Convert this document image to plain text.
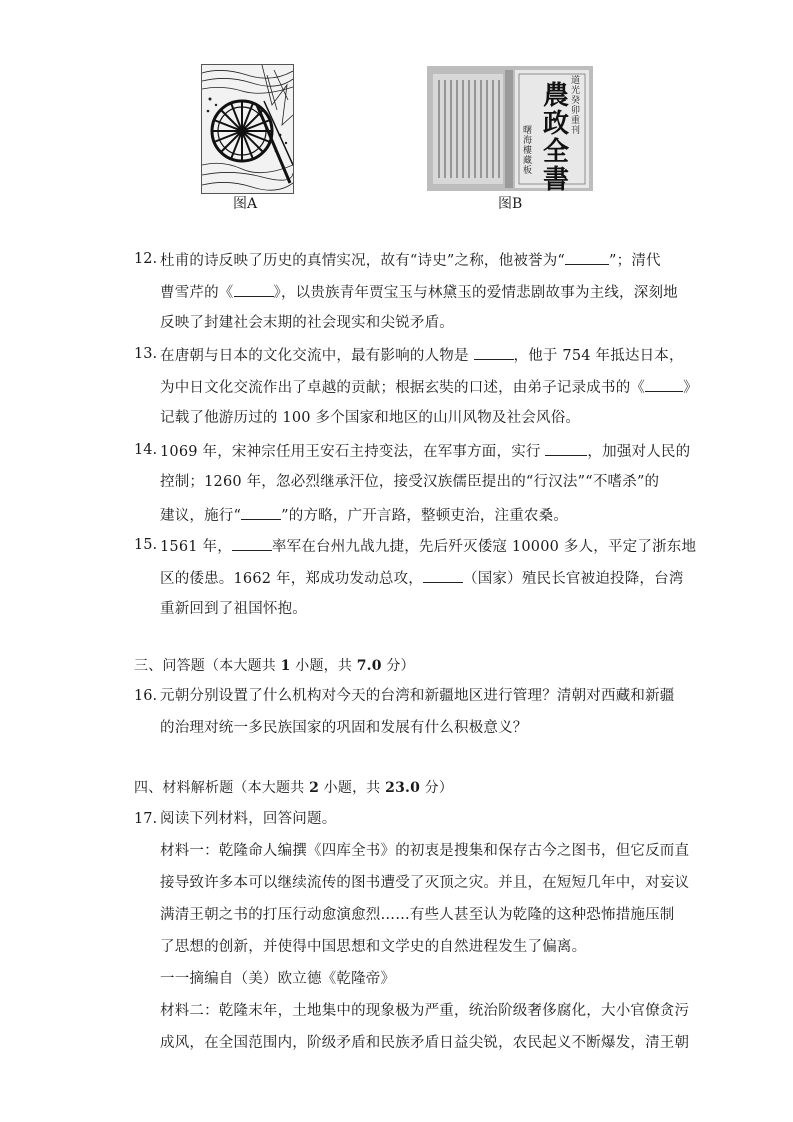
图A
農政全書
道光癸卯重刊
曙海樓藏板
图B
12. 杜甫的诗反映了历史的真情实况，故有“诗史”之称，他被誉为“	”；清代
曹雪芹的《	》，以贵族青年贾宝玉与林黛玉的爱情悲剧故事为主线，深刻地
反映了封建社会末期的社会现实和尖锐矛盾。
13. 在唐朝与日本的文化交流中，最有影响的人物是	，他于 754 年抵达日本，
为中日文化交流作出了卓越的贡献；根据玄奘的口述，由弟子记录成书的《	》
记载了他游历过的 100 多个国家和地区的山川风物及社会风俗。
14. 1069 年，宋神宗任用王安石主持变法，在军事方面，实行	，加强对人民的
控制；1260 年，忽必烈继承汗位，接受汉族儒臣提出的“行汉法”“不嗜杀”的
建议，施行“	”的方略，广开言路，整顿吏治，注重农桑。
15. 1561 年，	率军在台州九战九捷，先后歼灭倭寇 10000 多人，平定了浙东地
区的倭患。1662 年，郑成功发动总攻，	（国家）殖民长官被迫投降，台湾
重新回到了祖国怀抱。
三、问答题（本大题共 1 小题，共 7.0 分）
16. 元朝分别设置了什么机构对今天的台湾和新疆地区进行管理？清朝对西藏和新疆
的治理对统一多民族国家的巩固和发展有什么积极意义？
四、材料解析题（本大题共 2 小题，共 23.0 分）
17. 阅读下列材料，回答问题。
材料一：乾隆命人编撰《四库全书》的初衷是搜集和保存古今之图书，但它反而直
接导致许多本可以继续流传的图书遭受了灭顶之灾。并且，在短短几年中，对妄议
满清王朝之书的打压行动愈演愈烈……有些人甚至认为乾隆的这种恐怖措施压制
了思想的创新，并使得中国思想和文学史的自然进程发生了偏离。
一一摘编自（美）欧立德《乾隆帝》
材料二：乾隆末年，土地集中的现象极为严重，统治阶级奢侈腐化，大小官僚贪污
成风，在全国范围内，阶级矛盾和民族矛盾日益尖锐，农民起义不断爆发，清王朝
